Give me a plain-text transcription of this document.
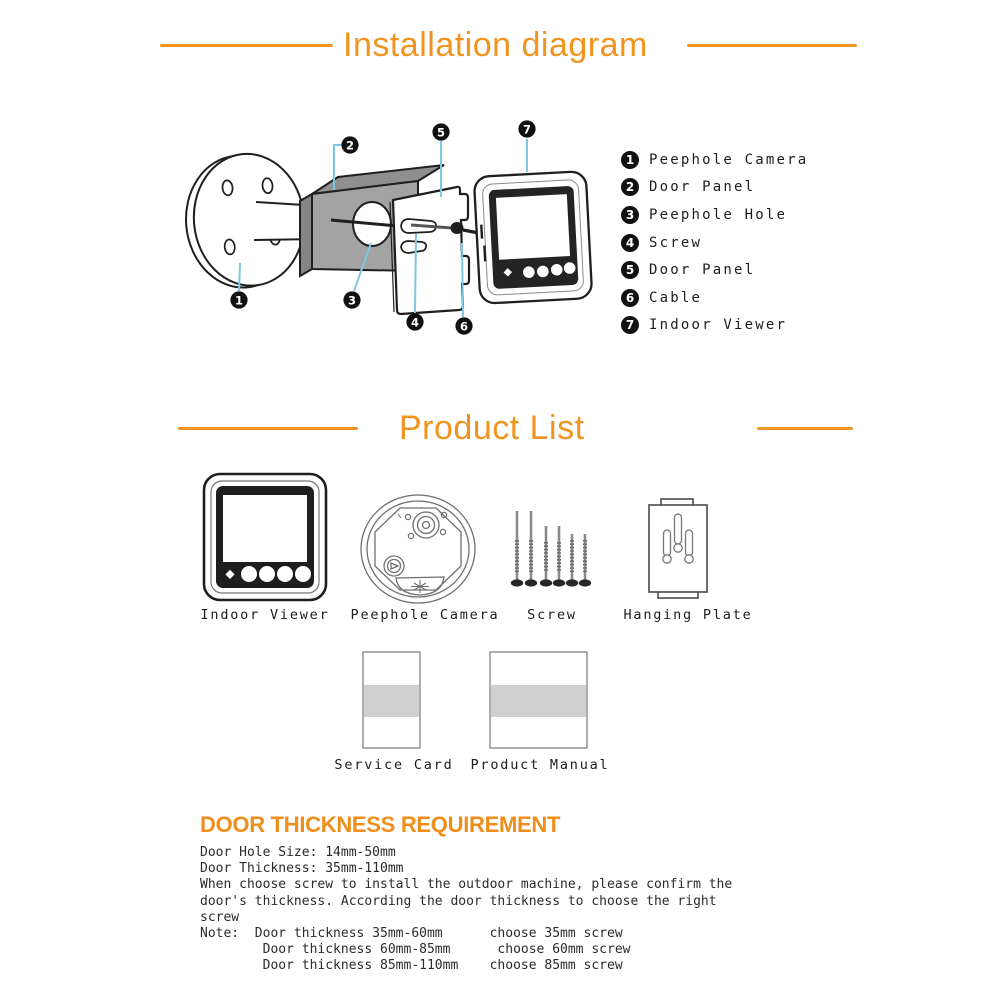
Installation diagram
2
5	7
1	3
4	6
1	Peephole Camera
2	Door Panel
3	Peephole Hole
4	Screw
5	Door Panel
6	Cable
7	Indoor Viewer
Product List
Indoor Viewer Peephole Camera Screw	Hanging Plate
Service Card Product Manual
DOOR THICKNESS REQUIREMENT
Door Hole Size: 14mm-50mm
Door Thickness: 35mm-110mm
When choose screw to install the outdoor machine, please confirm the
door's thickness. According the door thickness to choose the right
screw
Note:  Door thickness 35mm-60mm      choose 35mm screw
Door thickness 60mm-85mm      choose 60mm screw
Door thickness 85mm-110mm    choose 85mm screw
